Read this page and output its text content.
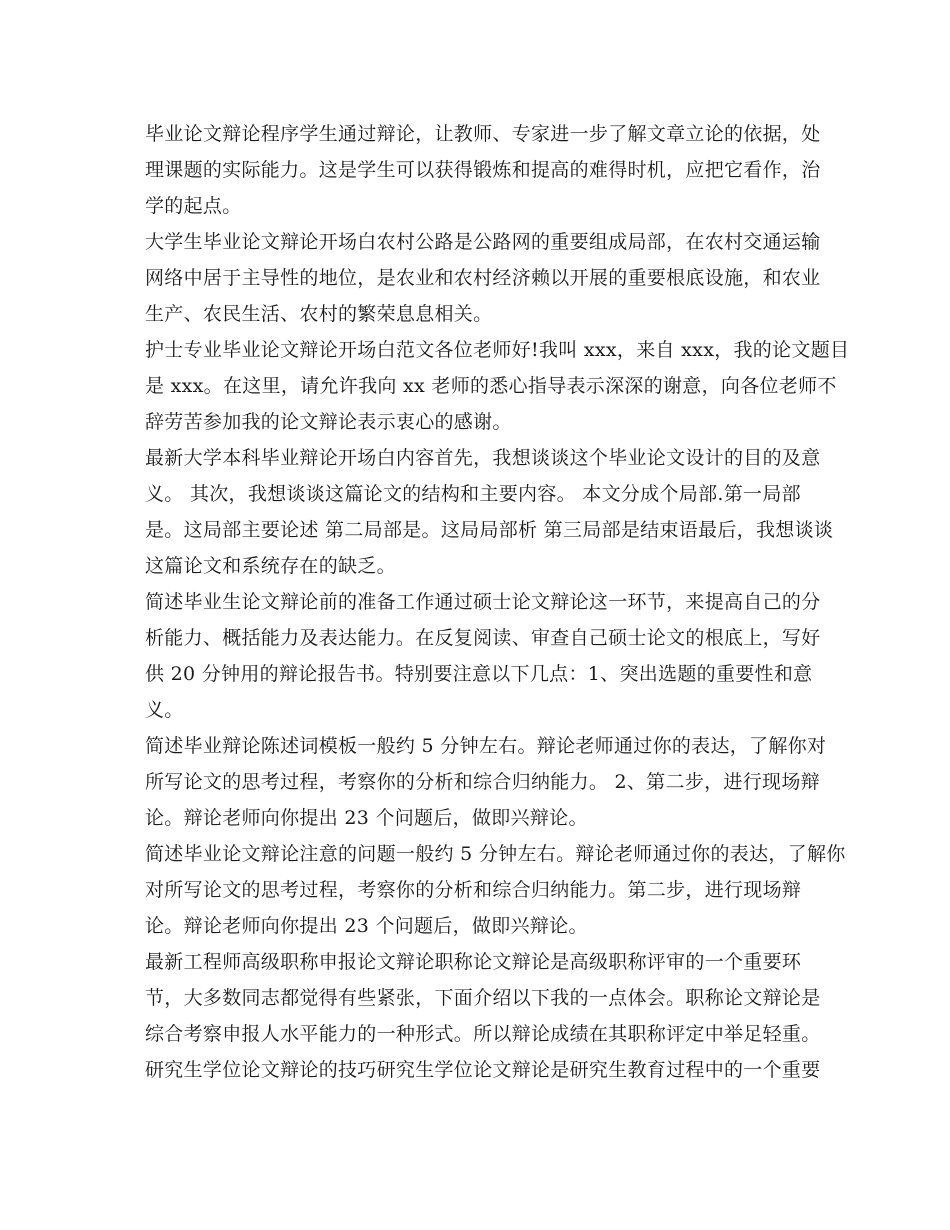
毕业论文辩论程序学生通过辩论，让教师、专家进一步了解文章立论的依据，处
理课题的实际能力。这是学生可以获得锻炼和提高的难得时机，应把它看作，治
学的起点。
大学生毕业论文辩论开场白农村公路是公路网的重要组成局部，在农村交通运输
网络中居于主导性的地位，是农业和农村经济赖以开展的重要根底设施，和农业
生产、农民生活、农村的繁荣息息相关。
护士专业毕业论文辩论开场白范文各位老师好!我叫 xxx，来自 xxx，我的论文题目
是 xxx。在这里，请允许我向 xx 老师的悉心指导表示深深的谢意，向各位老师不
辞劳苦参加我的论文辩论表示衷心的感谢。
最新大学本科毕业辩论开场白内容首先，我想谈谈这个毕业论文设计的目的及意
义。 其次，我想谈谈这篇论文的结构和主要内容。 本文分成个局部.第一局部
是。这局部主要论述 第二局部是。这局局部析 第三局部是结束语最后，我想谈谈
这篇论文和系统存在的缺乏。
简述毕业生论文辩论前的准备工作通过硕士论文辩论这一环节，来提高自己的分
析能力、概括能力及表达能力。在反复阅读、审查自己硕士论文的根底上，写好
供 20 分钟用的辩论报告书。特别要注意以下几点：1、突出选题的重要性和意
义。
简述毕业辩论陈述词模板一般约 5 分钟左右。辩论老师通过你的表达，了解你对
所写论文的思考过程，考察你的分析和综合归纳能力。 2、第二步，进行现场辩
论。辩论老师向你提出 23 个问题后，做即兴辩论。
简述毕业论文辩论注意的问题一般约 5 分钟左右。辩论老师通过你的表达，了解你
对所写论文的思考过程，考察你的分析和综合归纳能力。第二步，进行现场辩
论。辩论老师向你提出 23 个问题后，做即兴辩论。
最新工程师高级职称申报论文辩论职称论文辩论是高级职称评审的一个重要环
节，大多数同志都觉得有些紧张，下面介绍以下我的一点体会。职称论文辩论是
综合考察申报人水平能力的一种形式。所以辩论成绩在其职称评定中举足轻重。
研究生学位论文辩论的技巧研究生学位论文辩论是研究生教育过程中的一个重要
